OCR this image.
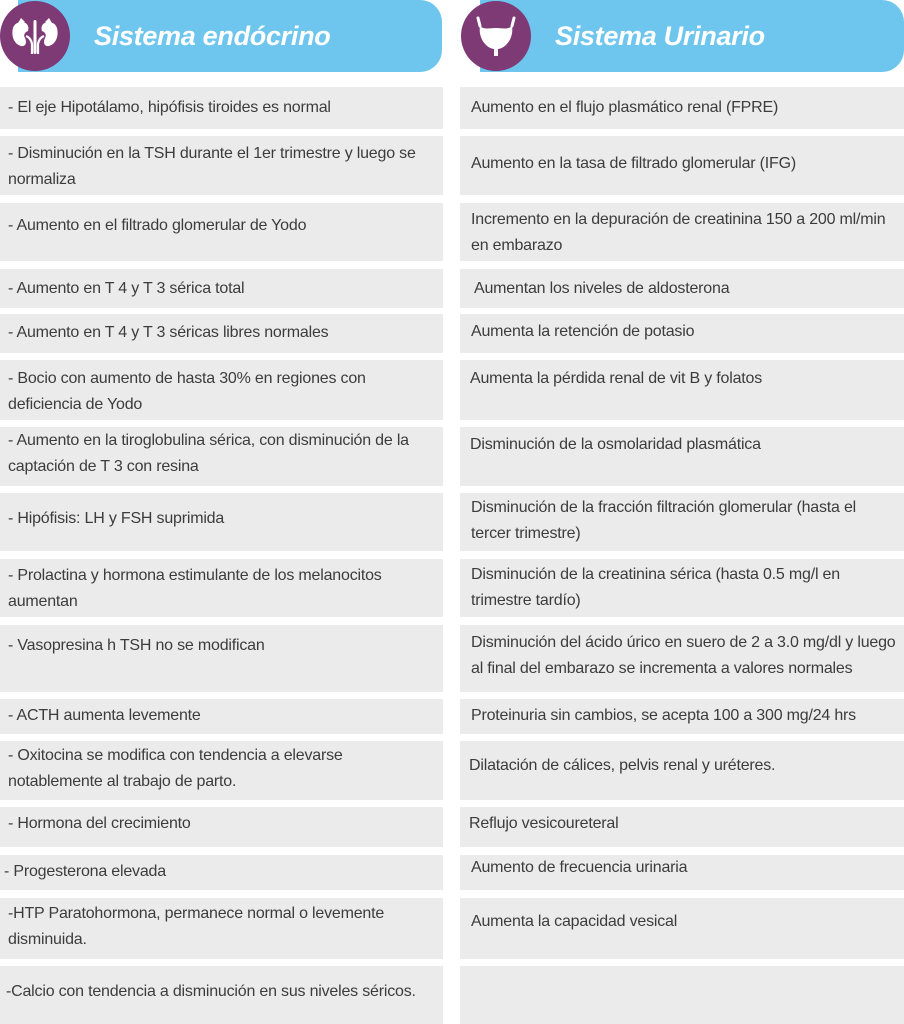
Sistema endócrino	Sistema Urinario
- El eje Hipotálamo, hipófisis tiroides es normal
- Disminución en la TSH durante el 1er trimestre y luego se normaliza
- Aumento en el filtrado glomerular de Yodo
- Aumento en T 4 y T 3 sérica total
- Aumento en T 4 y T 3 séricas libres normales
- Bocio con aumento de hasta 30% en regiones con deficiencia de Yodo
- Aumento en la tiroglobulina sérica, con disminución de la captación de T 3 con resina
- Hipófisis: LH y FSH suprimida
- Prolactina y hormona estimulante de los melanocitos aumentan
- Vasopresina h TSH no se modifican
- ACTH aumenta levemente
- Oxitocina se modifica con tendencia a elevarse notablemente al trabajo de parto.
- Hormona del crecimiento
- Progesterona elevada
-HTP Paratohormona, permanece normal o levemente disminuida.
-Calcio con tendencia a disminución en sus niveles séricos.
Aumento en el flujo plasmático renal (FPRE)
Aumento en la tasa de filtrado glomerular (IFG)
Incremento en la depuración de creatinina 150 a 200 ml/min en embarazo
Aumentan los niveles de aldosterona
Aumenta la retención de potasio
Aumenta la pérdida renal de vit B y folatos
Disminución de la osmolaridad plasmática
Disminución de la fracción filtración glomerular (hasta el tercer trimestre)
Disminución de la creatinina sérica (hasta 0.5 mg/l en trimestre tardío)
Disminución del ácido úrico en suero de 2 a 3.0 mg/dl y luego al final del embarazo se incrementa a valores normales
Proteinuria sin cambios, se acepta 100 a 300 mg/24 hrs
Dilatación de cálices, pelvis renal y uréteres.
Reflujo vesicoureteral
Aumento de frecuencia urinaria
Aumenta la capacidad vesical
